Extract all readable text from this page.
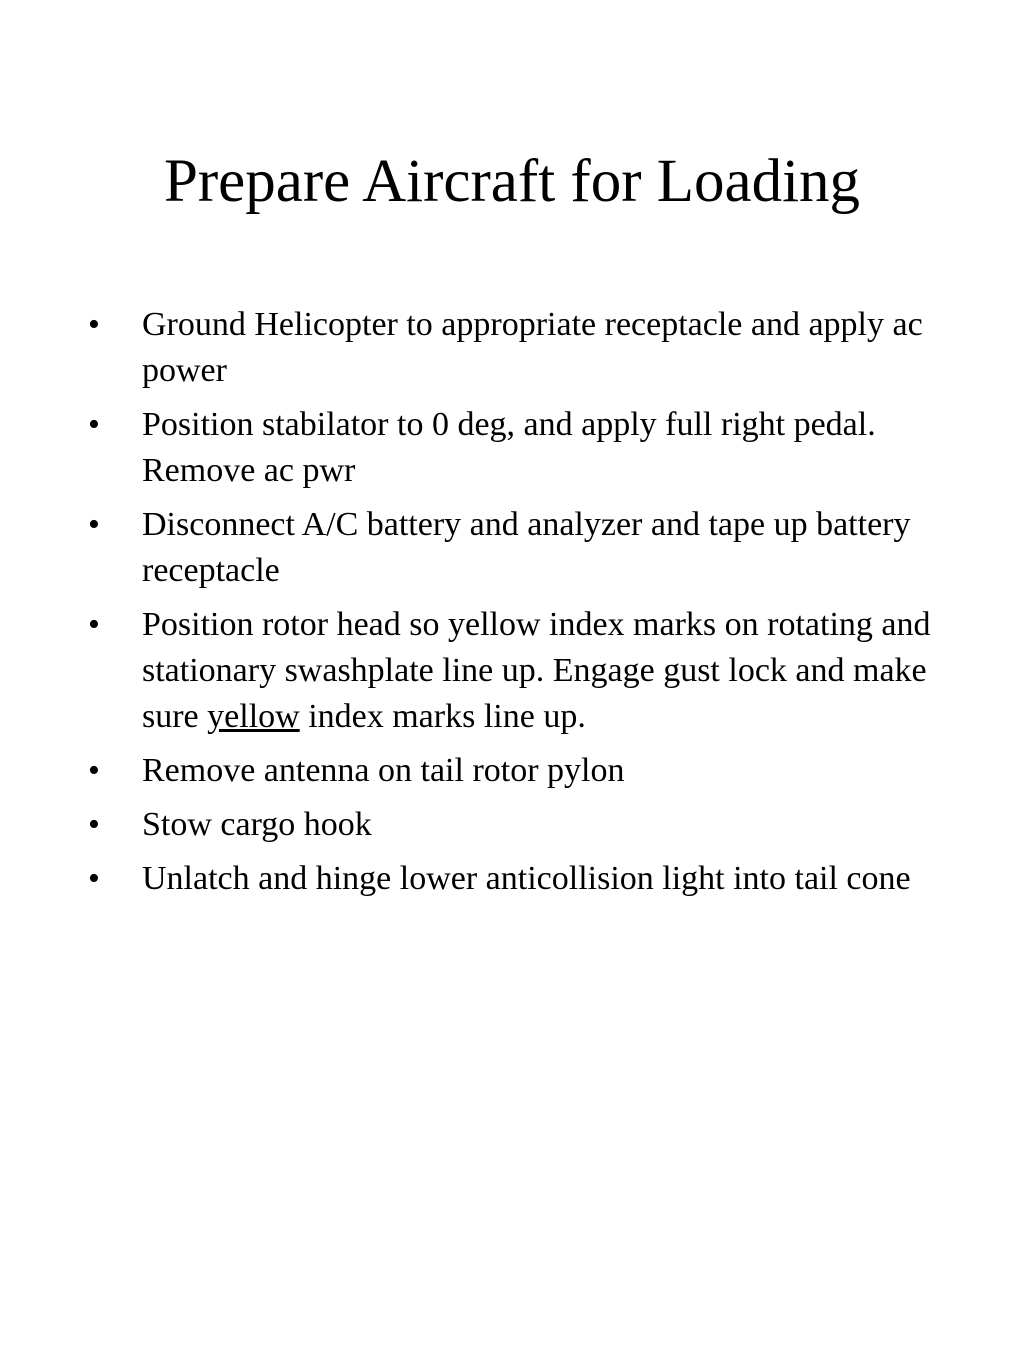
Prepare Aircraft for Loading
•	Ground Helicopter to appropriate receptacle and apply ac power
•	Position stabilator to 0 deg, and apply full right pedal. Remove ac pwr
•	Disconnect A/C battery and analyzer and tape up battery receptacle
•	Position rotor head so yellow index marks on rotating and stationary swashplate line up. Engage gust lock and make sure yellow index marks line up.
•	Remove antenna on tail rotor pylon
•	Stow cargo hook
•	Unlatch and hinge lower anticollision light into tail cone
